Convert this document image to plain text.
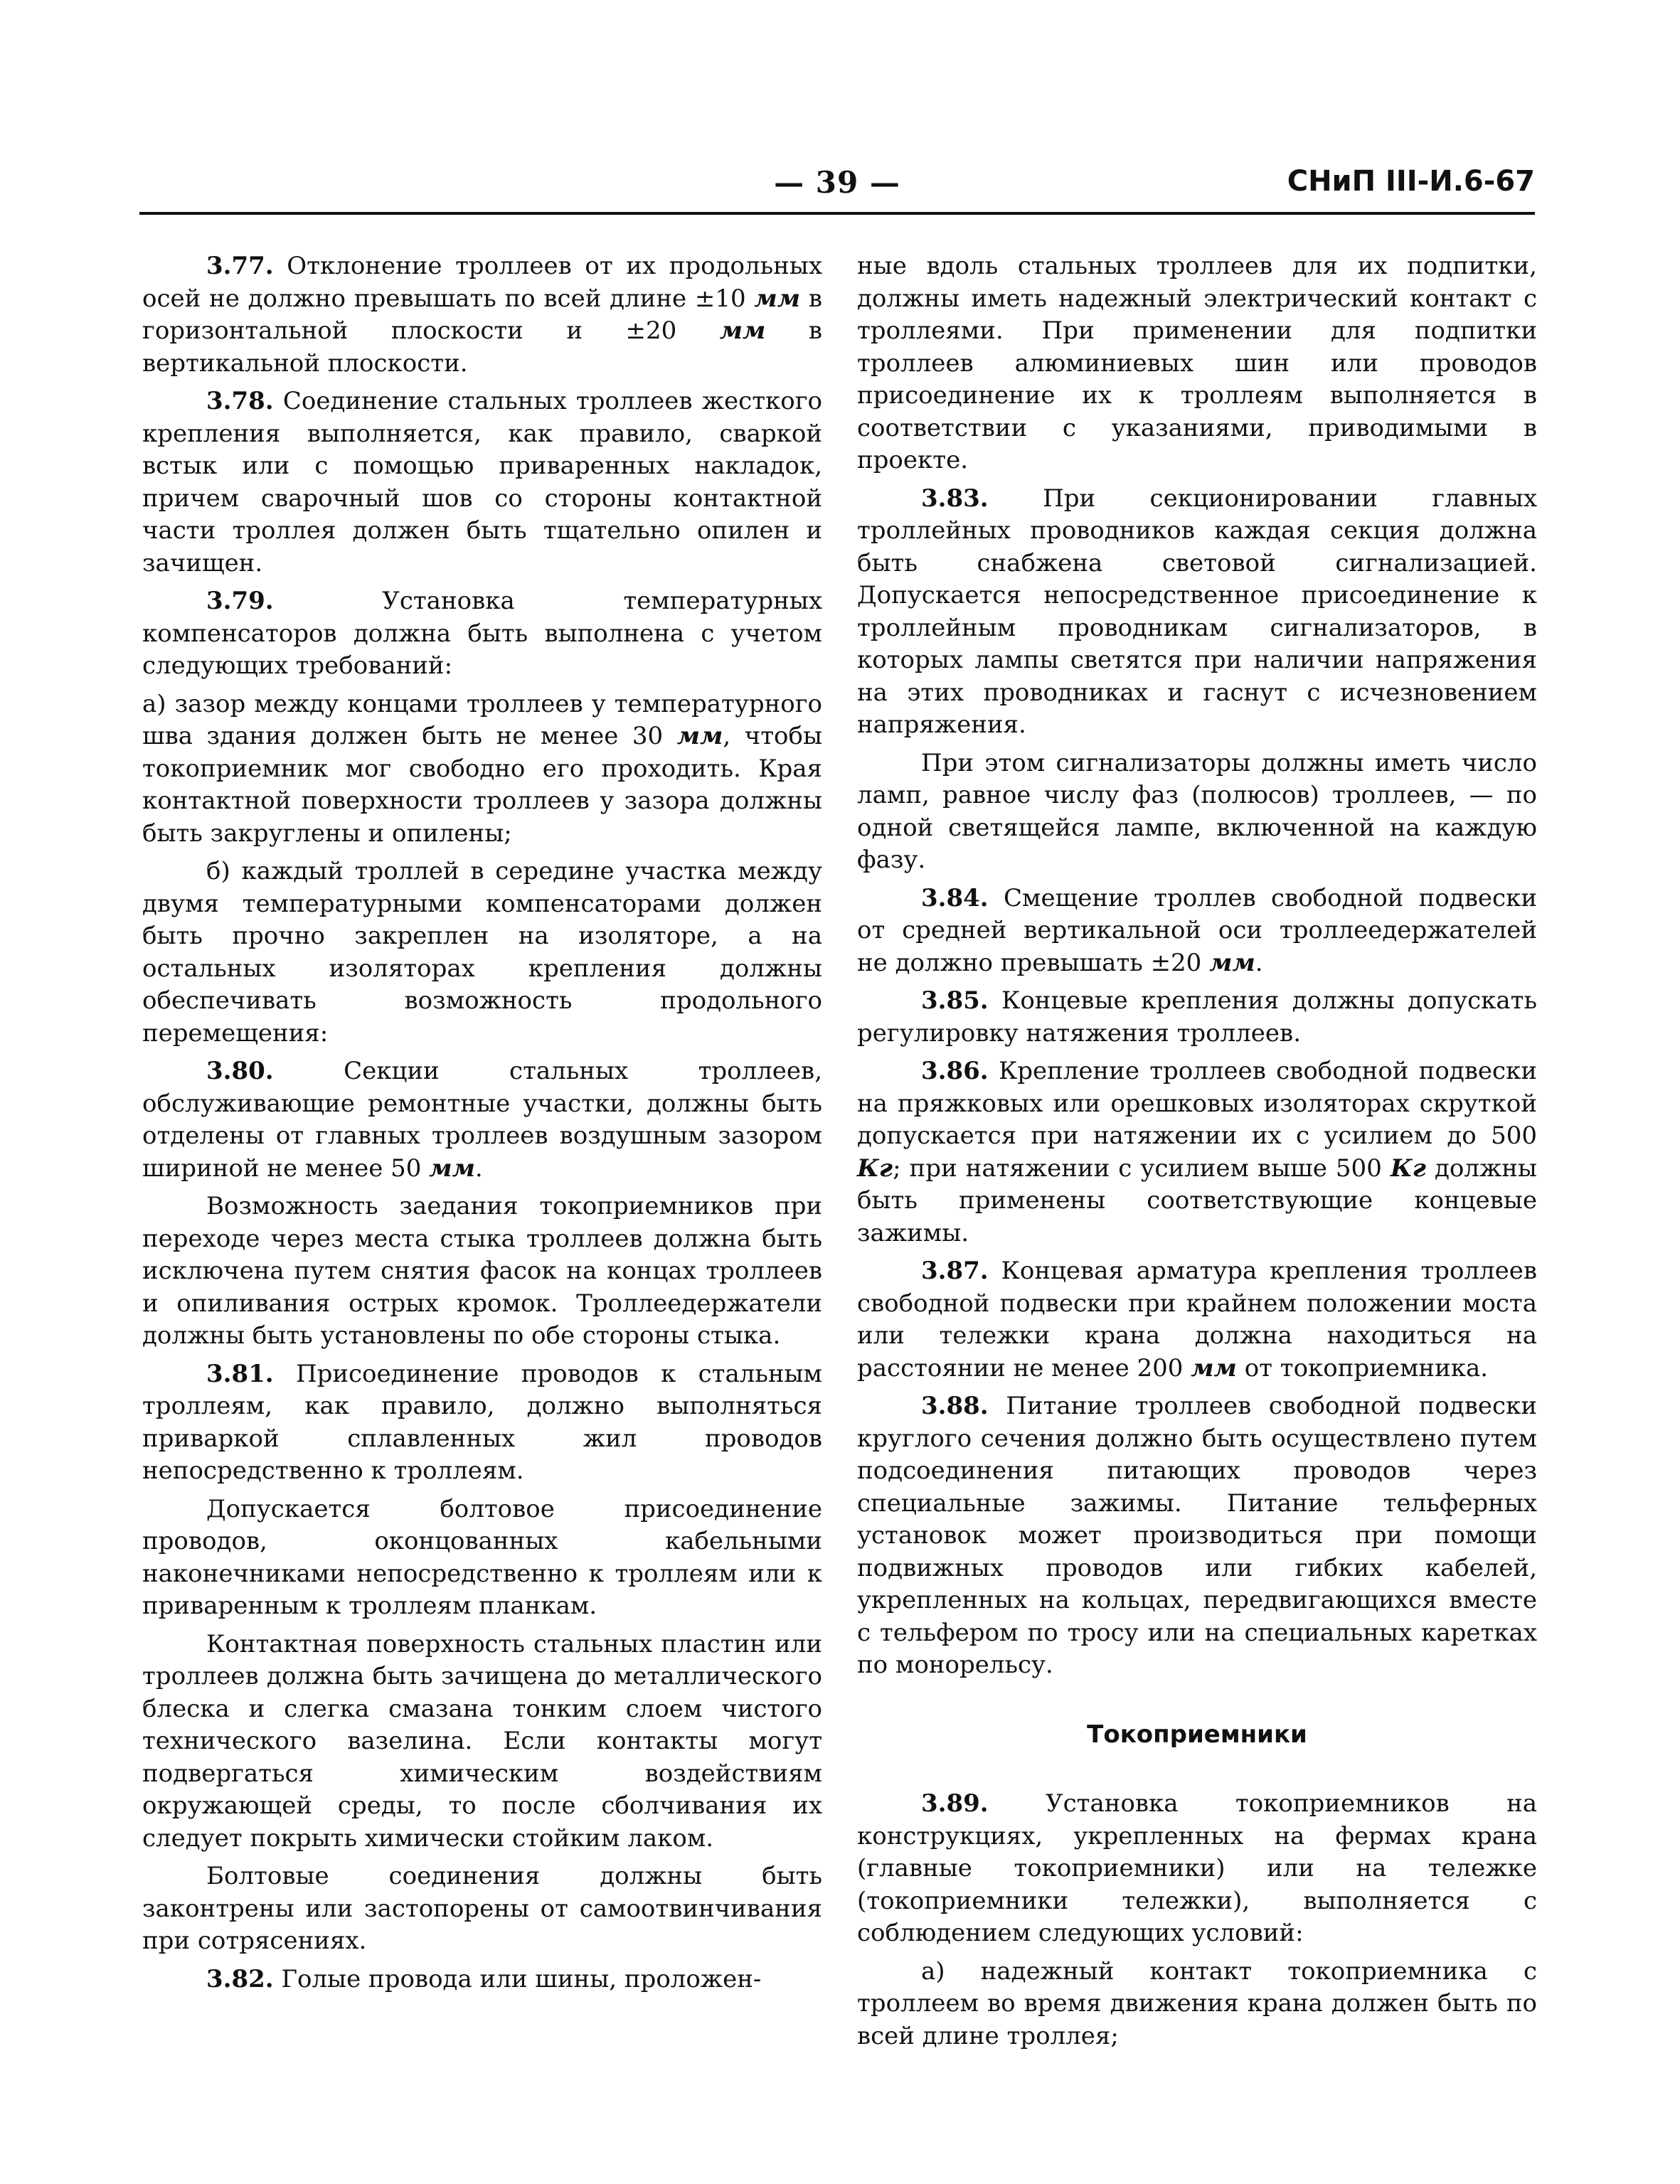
— 39 —	СНиП III-И.6-67

3.77. Отклонение троллеев от их продольных осей не должно превышать по всей длине ±10 мм в горизонтальной плоскости и ±20 мм в вертикальной плоскости.

3.78. Соединение стальных троллеев жесткого крепления выполняется, как правило, сваркой встык или с помощью приваренных накладок, причем сварочный шов со стороны контактной части троллея должен быть тщательно опилен и зачищен.

3.79.	Установка температурных компенсаторов должна быть выполнена с учетом следующих требований:

а) зазор между концами троллеев у температурного шва здания должен быть не менее 30 мм, чтобы токоприемник мог свободно его проходить. Края контактной поверхности троллеев у зазора должны быть закруглены и опилены;

б) каждый троллей в середине участка между двумя температурными компенсаторами должен быть прочно закреплен на изоляторе, а на остальных изоляторах крепления должны обеспечивать возможность продольного перемещения:

3.80.	Секции стальных троллеев, обслуживающие ремонтные участки, должны быть отделены от главных троллеев воздушным зазором шириной не менее 50 мм.

Возможность заедания токоприемников при переходе через места стыка троллеев должна быть исключена путем снятия фасок на концах троллеев и опиливания острых кромок. Троллеедержатели должны быть установлены по обе стороны стыка.

3.81. Присоединение проводов к стальным троллеям, как правило, должно выполняться приваркой сплавленных жил проводов непосредственно к троллеям.

Допускается болтовое присоединение проводов, оконцованных кабельными наконечниками непосредственно к троллеям или к приваренным к троллеям планкам.

Контактная поверхность стальных пластин или троллеев должна быть зачищена до металлического блеска и слегка смазана тонким слоем чистого технического вазелина. Если контакты могут подвергаться химическим воздействиям окружающей среды, то после сболчивания их следует покрыть химически стойким лаком.

Болтовые соединения должны быть законтрены или застопорены от самоотвинчивания при сотрясениях.

3.82. Голые провода или шины, проложен-

ные вдоль стальных троллеев для их подпитки, должны иметь надежный электрический контакт с троллеями. При применении для подпитки троллеев алюминиевых шин или проводов присоединение их к троллеям выполняется в соответствии с указаниями, приводимыми в проекте.

3.83. При секционировании главных троллейных проводников каждая секция должна быть снабжена световой сигнализацией. Допускается непосредственное присоединение к троллейным проводникам сигнализаторов, в которых лампы светятся при наличии напряжения на этих проводниках и гаснут с исчезновением напряжения.

При этом сигнализаторы должны иметь число ламп, равное числу фаз (полюсов) троллеев, — по одной светящейся лампе, включенной на каждую фазу.

3.84. Смещение троллев свободной подвески от средней вертикальной оси троллеедержателей не должно превышать ±20 мм.

3.85. Концевые крепления должны допускать регулировку натяжения троллеев.

3.86. Крепление троллеев свободной подвески на пряжковых или орешковых изоляторах скруткой допускается при натяжении их с усилием до 500 Кг; при натяжении с усилием выше 500 Кг должны быть применены соответствующие концевые зажимы.

3.87. Концевая арматура крепления троллеев свободной подвески при крайнем положении моста или тележки крана должна находиться на расстоянии не менее 200 мм от токоприемника.

3.88. Питание троллеев свободной подвески круглого сечения должно быть осуществлено путем подсоединения питающих проводов через специальные зажимы. Питание тельферных установок может производиться при помощи подвижных проводов или гибких кабелей, укрепленных на кольцах, передвигающихся вместе с тельфером по тросу или на специальных каретках по монорельсу.

Токоприемники

3.89. Установка токоприемников на конструкциях, укрепленных на фермах крана (главные токоприемники) или на тележке (токоприемники тележки), выполняется с соблюдением следующих условий:

а) надежный контакт токоприемника с троллеем во время движения крана должен быть по всей длине троллея;
